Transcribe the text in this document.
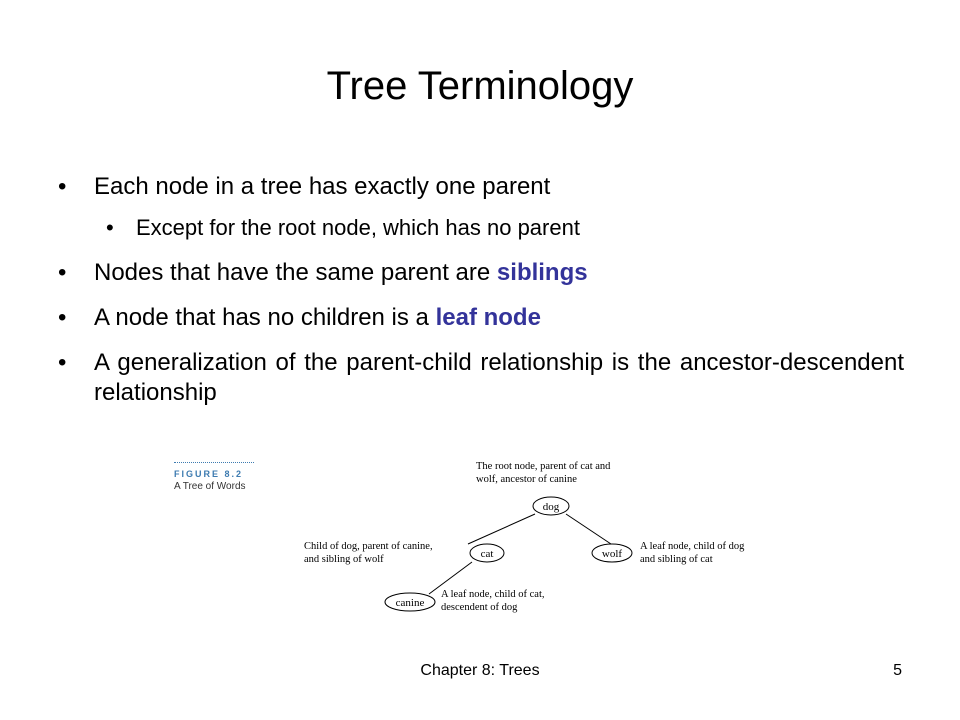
Tree Terminology
• Each node in a tree has exactly one parent
• Except for the root node, which has no parent
• Nodes that have the same parent are siblings
• A node that has no children is a leaf node
• A generalization of the parent-child relationship is the ancestor-descendent relationship
FIGURE 8.2
A Tree of Words
dog
cat	wolf
canine
The root node, parent of cat and
wolf, ancestor of canine
Child of dog, parent of canine,
and sibling of wolf
A leaf node, child of dog
and sibling of cat
A leaf node, child of cat,
descendent of dog
Chapter 8: Trees	5
